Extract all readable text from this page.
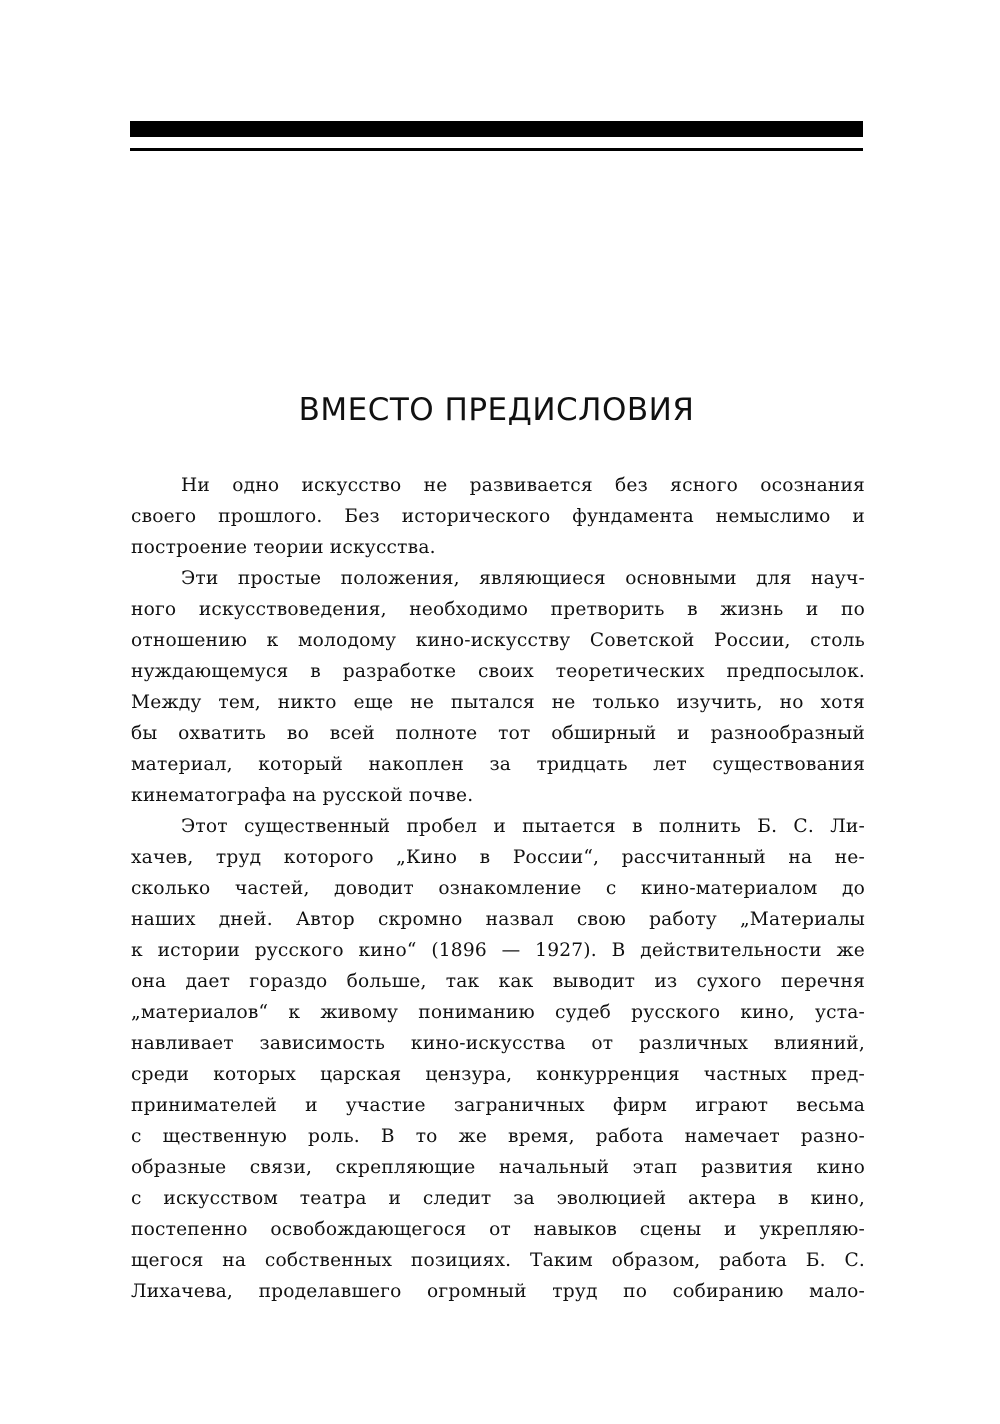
ВМЕСТО ПРЕДИСЛОВИЯ
Ни одно искусство не развивается без ясного осознания
своего прошлого. Без исторического фундамента немыслимо и
построение теории искусства.
Эти простые положения, являющиеся основными для науч-
ного искусствоведения, необходимо претворить в жизнь и по
отношению к молодому кино-искусству Советской России, столь
нуждающемуся в разработке своих теоретических предпосылок.
Между тем, никто еще не пытался не только изучить, но хотя
бы охватить во всей полноте тот обширный и разнообразный
материал, который накоплен за тридцать лет существования
кинематографа на русской почве.
Этот существенный пробел и пытается в полнить Б. С. Ли-
хачев, труд которого „Кино в России“, рассчитанный на не-
сколько частей, доводит ознакомление с кино-материалом до
наших дней. Автор скромно назвал свою работу „Материалы
к истории русского кино“ (1896 — 1927). В действительности же
она дает гораздо больше, так как выводит из сухого перечня
„материалов“ к живому пониманию судеб русского кино, уста-
навливает зависимость кино-искусства от различных влияний,
среди которых царская цензура, конкурренция частных пред-
принимателей и участие заграничных фирм играют весьма
с щественную роль. В то же время, работа намечает разно-
образные связи, скрепляющие начальный этап развития кино
с искусством театра и следит за эволюцией актера в кино,
постепенно освобождающегося от навыков сцены и укрепляю-
щегося на собственных позициях. Таким образом, работа Б. С.
Лихачева, проделавшего огромный труд по собиранию мало-
